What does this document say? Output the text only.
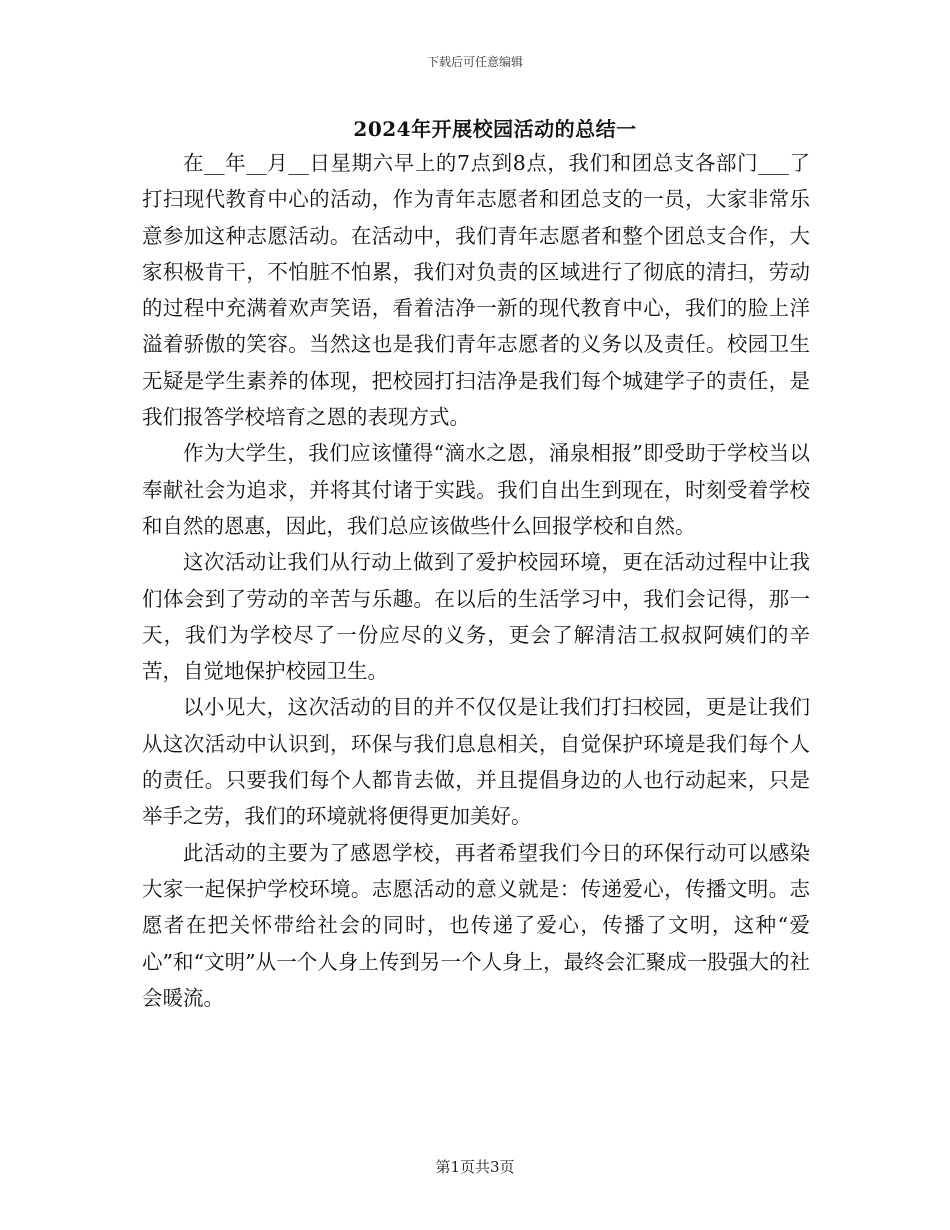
下载后可任意编辑
2024年开展校园活动的总结一

在__年__月__日星期六早上的7点到8点，我们和团总支各部门___了打扫现代教育中心的活动，作为青年志愿者和团总支的一员，大家非常乐意参加这种志愿活动。在活动中，我们青年志愿者和整个团总支合作，大家积极肯干，不怕脏不怕累，我们对负责的区域进行了彻底的清扫，劳动的过程中充满着欢声笑语，看着洁净一新的现代教育中心，我们的脸上洋溢着骄傲的笑容。当然这也是我们青年志愿者的义务以及责任。校园卫生无疑是学生素养的体现，把校园打扫洁净是我们每个城建学子的责任，是我们报答学校培育之恩的表现方式。

作为大学生，我们应该懂得“滴水之恩，涌泉相报”即受助于学校当以奉献社会为追求，并将其付诸于实践。我们自出生到现在，时刻受着学校和自然的恩惠，因此，我们总应该做些什么回报学校和自然。

这次活动让我们从行动上做到了爱护校园环境，更在活动过程中让我们体会到了劳动的辛苦与乐趣。在以后的生活学习中，我们会记得，那一天，我们为学校尽了一份应尽的义务，更会了解清洁工叔叔阿姨们的辛苦，自觉地保护校园卫生。

以小见大，这次活动的目的并不仅仅是让我们打扫校园，更是让我们从这次活动中认识到，环保与我们息息相关，自觉保护环境是我们每个人的责任。只要我们每个人都肯去做，并且提倡身边的人也行动起来，只是举手之劳，我们的环境就将便得更加美好。

此活动的主要为了感恩学校，再者希望我们今日的环保行动可以感染大家一起保护学校环境。志愿活动的意义就是：传递爱心，传播文明。志愿者在把关怀带给社会的同时，也传递了爱心，传播了文明，这种“爱心”和“文明”从一个人身上传到另一个人身上，最终会汇聚成一股强大的社会暖流。

第1页共3页
